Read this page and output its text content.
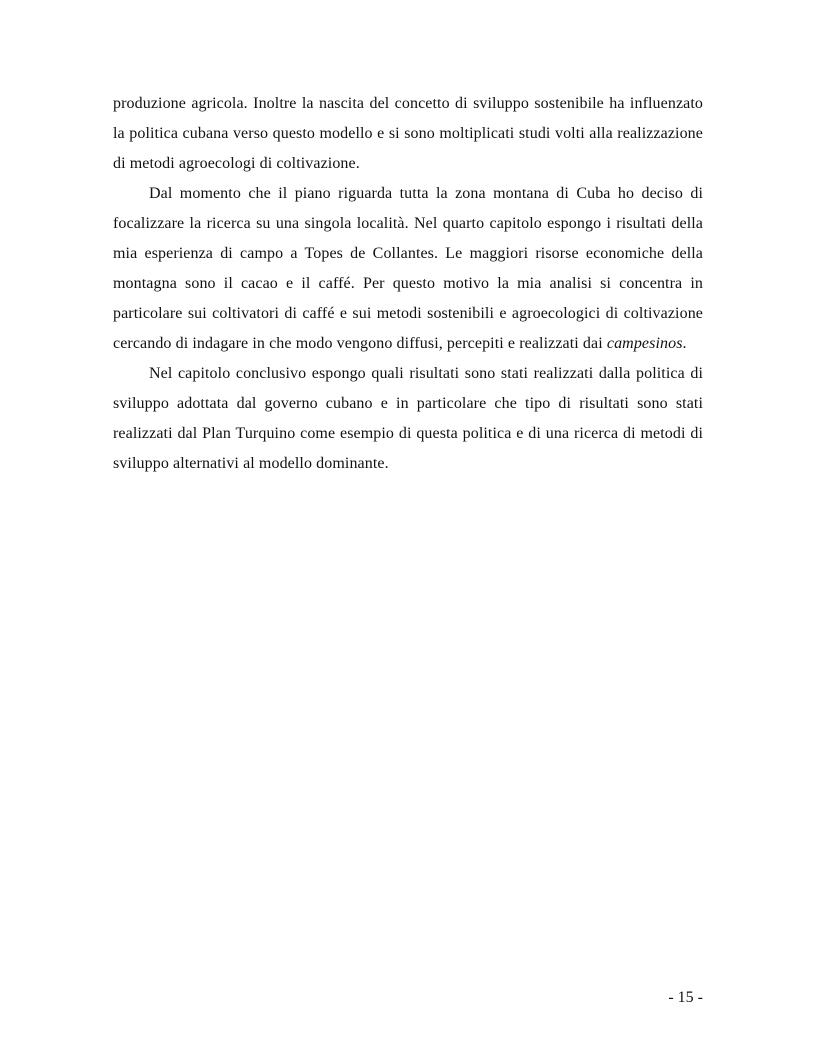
produzione agricola. Inoltre la nascita del concetto di sviluppo sostenibile ha influenzato la politica cubana verso questo modello e si sono moltiplicati studi volti alla realizzazione di metodi agroecologi di coltivazione.

Dal momento che il piano riguarda tutta la zona montana di Cuba ho deciso di focalizzare la ricerca su una singola località. Nel quarto capitolo espongo i risultati della mia esperienza di campo a Topes de Collantes. Le maggiori risorse economiche della montagna sono il cacao e il caffé. Per questo motivo la mia analisi si concentra in particolare sui coltivatori di caffé e sui metodi sostenibili e agroecologici di coltivazione cercando di indagare in che modo vengono diffusi, percepiti e realizzati dai campesinos.

Nel capitolo conclusivo espongo quali risultati sono stati realizzati dalla politica di sviluppo adottata dal governo cubano e in particolare che tipo di risultati sono stati realizzati dal Plan Turquino come esempio di questa politica e di una ricerca di metodi di sviluppo alternativi al modello dominante.

- 15 -
